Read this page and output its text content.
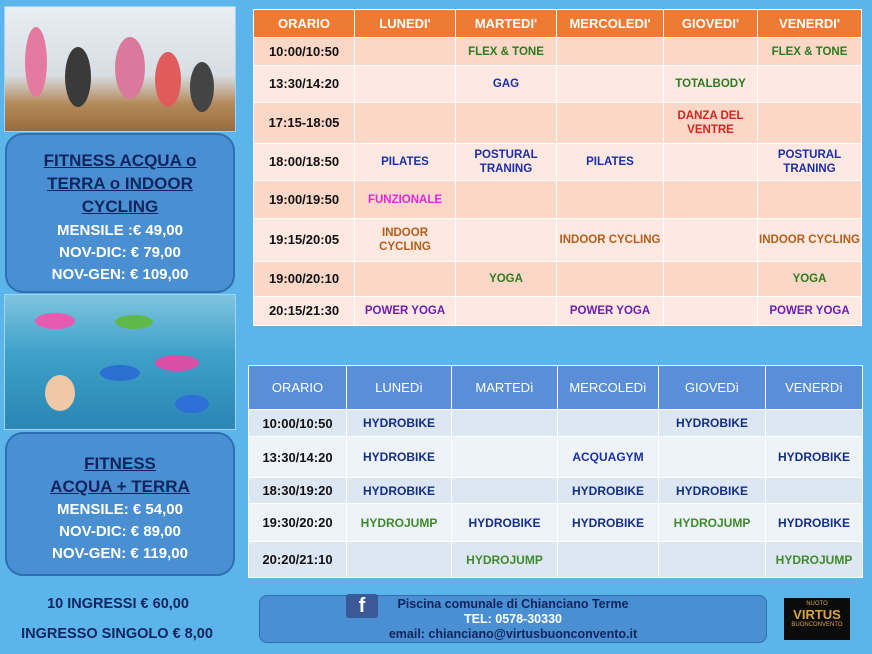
FITNESS ACQUA o
TERRA o INDOOR
CYCLING
MENSILE :€ 49,00
NOV-DIC: € 79,00
NOV-GEN: € 109,00
FITNESS
ACQUA + TERRA
MENSILE: € 54,00
NOV-DIC: € 89,00
NOV-GEN: € 119,00
10 INGRESSI € 60,00
INGRESSO SINGOLO € 8,00
ORARIO	LUNEDI'	MARTEDI'	MERCOLEDI'	GIOVEDI'	VENERDI'
10:00/10:50		FLEX & TONE			FLEX & TONE
13:30/14:20		GAG		TOTALBODY	
17:15-18:05				DANZA DEL VENTRE	
18:00/18:50	PILATES	POSTURAL TRANING	PILATES		POSTURAL TRANING
19:00/19:50	FUNZIONALE				
19:15/20:05	INDOOR CYCLING		INDOOR CYCLING		INDOOR CYCLING
19:00/20:10		YOGA			YOGA
20:15/21:30	POWER YOGA		POWER YOGA		POWER YOGA
ORARIO	LUNEDì	MARTEDì	MERCOLEDì	GIOVEDì	VENERDì
10:00/10:50	HYDROBIKE			HYDROBIKE	
13:30/14:20	HYDROBIKE		ACQUAGYM		HYDROBIKE
18:30/19:20	HYDROBIKE		HYDROBIKE	HYDROBIKE	
19:30/20:20	HYDROJUMP	HYDROBIKE	HYDROBIKE	HYDROJUMP	HYDROBIKE
20:20/21:10		HYDROJUMP			HYDROJUMP
Piscina comunale di Chianciano Terme
TEL: 0578-30330
email: chianciano@virtusbuonconvento.it
f	NUOTO
VIRTUS
BUONCONVENTO
